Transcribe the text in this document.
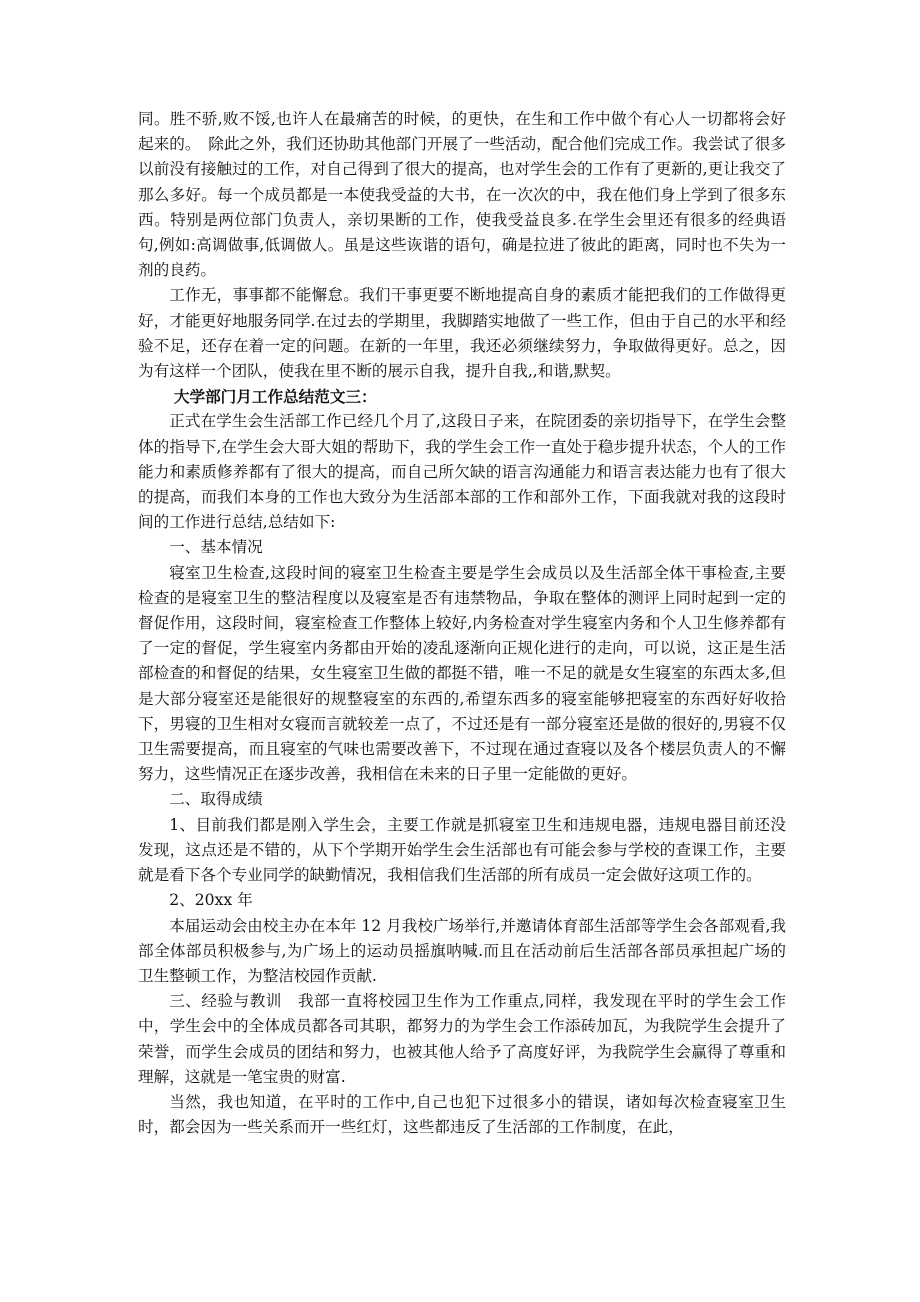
同。胜不骄,败不馁,也许人在最痛苦的时候，的更快，在生和工作中做个有心人一切都将会好起来的。　除此之外，我们还协助其他部门开展了一些活动，配合他们完成工作。我尝试了很多以前没有接触过的工作，对自己得到了很大的提高，也对学生会的工作有了更新的,更让我交了那么多好。每一个成员都是一本使我受益的大书，在一次次的中，我在他们身上学到了很多东西。特别是两位部门负责人，亲切果断的工作，使我受益良多.在学生会里还有很多的经典语句,例如:高调做事,低调做人。虽是这些诙谐的语句，确是拉进了彼此的距离，同时也不失为一剂的良药。

工作无，事事都不能懈怠。我们干事更要不断地提高自身的素质才能把我们的工作做得更好，才能更好地服务同学.在过去的学期里，我脚踏实地做了一些工作，但由于自己的水平和经验不足，还存在着一定的问题。在新的一年里，我还必须继续努力，争取做得更好。总之，因为有这样一个团队，使我在里不断的展示自我，提升自我,,和谐,默契。

大学部门月工作总结范文三：

正式在学生会生活部工作已经几个月了,这段日子来，在院团委的亲切指导下，在学生会整体的指导下,在学生会大哥大姐的帮助下，我的学生会工作一直处于稳步提升状态，个人的工作能力和素质修养都有了很大的提高，而自己所欠缺的语言沟通能力和语言表达能力也有了很大的提高，而我们本身的工作也大致分为生活部本部的工作和部外工作，下面我就对我的这段时间的工作进行总结,总结如下:

一、基本情况

寝室卫生检查,这段时间的寝室卫生检查主要是学生会成员以及生活部全体干事检查,主要检查的是寝室卫生的整洁程度以及寝室是否有违禁物品，争取在整体的测评上同时起到一定的督促作用，这段时间，寝室检查工作整体上较好,内务检查对学生寝室内务和个人卫生修养都有了一定的督促，学生寝室内务都由开始的凌乱逐渐向正规化进行的走向，可以说，这正是生活部检查的和督促的结果，女生寝室卫生做的都挺不错，唯一不足的就是女生寝室的东西太多,但是大部分寝室还是能很好的规整寝室的东西的,希望东西多的寝室能够把寝室的东西好好收拾下，男寝的卫生相对女寝而言就较差一点了，不过还是有一部分寝室还是做的很好的,男寝不仅卫生需要提高，而且寝室的气味也需要改善下，不过现在通过查寝以及各个楼层负责人的不懈努力，这些情况正在逐步改善，我相信在未来的日子里一定能做的更好。

二、取得成绩

1、目前我们都是刚入学生会，主要工作就是抓寝室卫生和违规电器，违规电器目前还没发现，这点还是不错的，从下个学期开始学生会生活部也有可能会参与学校的查课工作，主要就是看下各个专业同学的缺勤情况，我相信我们生活部的所有成员一定会做好这项工作的。

2、20xx 年

本届运动会由校主办在本年 12 月我校广场举行,并邀请体育部生活部等学生会各部观看,我部全体部员积极参与,为广场上的运动员摇旗呐喊.而且在活动前后生活部各部员承担起广场的卫生整顿工作，为整洁校园作贡献.

三、经验与教训　我部一直将校园卫生作为工作重点,同样，我发现在平时的学生会工作中，学生会中的全体成员都各司其职，都努力的为学生会工作添砖加瓦，为我院学生会提升了荣誉，而学生会成员的团结和努力，也被其他人给予了高度好评，为我院学生会赢得了尊重和理解，这就是一笔宝贵的财富.

当然，我也知道，在平时的工作中,自己也犯下过很多小的错误，诸如每次检查寝室卫生时，都会因为一些关系而开一些红灯，这些都违反了生活部的工作制度，在此，
